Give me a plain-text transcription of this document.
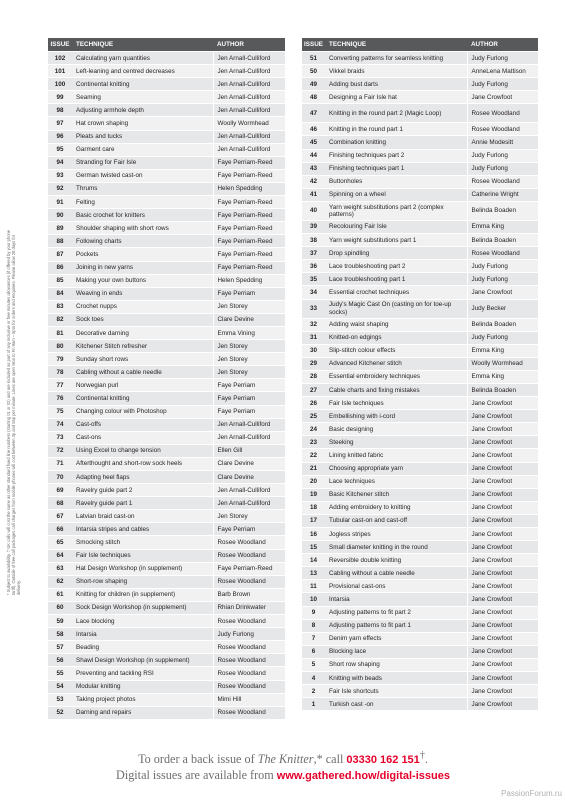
ISSUE	TECHNIQUE	AUTHOR
102	Calculating yarn quantities	Jen Arnall-Culliford
101	Left-leaning and centred decreases	Jen Arnall-Culliford
100	Continental knitting	Jen Arnall-Culliford
99	Seaming	Jen Arnall-Culliford
98	Adjusting armhole depth	Jen Arnall-Culliford
97	Hat crown shaping	Woolly Wormhead
96	Pleats and tucks	Jen Arnall-Culliford
95	Garment care	Jen Arnall-Culliford
94	Stranding for Fair Isle	Faye Perriam-Reed
93	German twisted cast-on	Faye Perriam-Reed
92	Thrums	Helen Spedding
91	Felting	Faye Perriam-Reed
90	Basic crochet for knitters	Faye Perriam-Reed
89	Shoulder shaping with short rows	Faye Perriam-Reed
88	Following charts	Faye Perriam-Reed
87	Pockets	Faye Perriam-Reed
86	Joining in new yarns	Faye Perriam-Reed
85	Making your own buttons	Helen Spedding
84	Weaving in ends	Faye Perriam
83	Crochet nupps	Jen Storey
82	Sock toes	Clare Devine
81	Decorative darning	Emma Vining
80	Kitchener Stitch refresher	Jen Storey
79	Sunday short rows	Jen Storey
78	Cabling without a cable needle	Jen Storey
77	Norwegian purl	Faye Perriam
76	Continental knitting	Faye Perriam
75	Changing colour with Photoshop	Faye Perriam
74	Cast-offs	Jen Arnall-Culliford
73	Cast-ons	Jen Arnall-Culliford
72	Using Excel to change tension	Ellen Gill
71	Afterthought and short-row sock heels	Clare Devine
70	Adapting heel flaps	Clare Devine
69	Ravelry guide part 2	Jen Arnall-Culliford
68	Ravelry guide part 1	Jen Arnall-Culliford
67	Latvian braid cast-on	Jen Storey
66	Intarsia stripes and cables	Faye Perriam
65	Smocking stitch	Rosee Woodland
64	Fair Isle techniques	Rosee Woodland
63	Hat Design Workshop (in supplement)	Faye Perriam-Reed
62	Short-row shaping	Rosee Woodland
61	Knitting for children (in supplement)	Barb Brown
60	Sock Design Workshop (in supplement)	Rhian Drinkwater
59	Lace blocking	Rosee Woodland
58	Intarsia	Judy Furlong
57	Beading	Rosee Woodland
56	Shawl Design Workshop (in supplement)	Rosee Woodland
55	Preventing and tackling RSI	Rosee Woodland
54	Modular knitting	Rosee Woodland
53	Taking project photos	Mimi Hill
52	Darning and repairs	Rosee Woodland
ISSUE	TECHNIQUE	AUTHOR
51	Converting patterns for seamless knitting	Judy Furlong
50	Vikkel braids	AnneLena Mattison
49	Adding bust darts	Judy Furlong
48	Designing a Fair Isle hat	Jane Crowfoot
47	Knitting in the round part 2 (Magic Loop)	Rosee Woodland
46	Knitting in the round part 1	Rosee Woodland
45	Combination knitting	Annie Modesitt
44	Finishing techniques part 2	Judy Furlong
43	Finishing techniques part 1	Judy Furlong
42	Buttonholes	Rosee Woodland
41	Spinning on a wheel	Catherine Wright
40	Yarn weight substitutions part 2 (complex patterns)	Belinda Boaden
39	Recolouring Fair Isle	Emma King
38	Yarn weight substitutions part 1	Belinda Boaden
37	Drop spindling	Rosee Woodland
36	Lace troubleshooting part 2	Judy Furlong
35	Lace troubleshooting part 1	Judy Furlong
34	Essential crochet techniques	Jane Crowfoot
33	Judy's Magic Cast On (casting on for toe-up socks)	Judy Becker
32	Adding waist shaping	Belinda Boaden
31	Knitted-on edgings	Judy Furlong
30	Slip-stitch colour effects	Emma King
29	Advanced Kitchener stitch	Woolly Wormhead
28	Essential embroidery techniques	Emma King
27	Cable charts and fixing mistakes	Belinda Boaden
26	Fair Isle techniques	Jane Crowfoot
25	Embellishing with i-cord	Jane Crowfoot
24	Basic designing	Jane Crowfoot
23	Steeking	Jane Crowfoot
22	Lining knitted fabric	Jane Crowfoot
21	Choosing appropriate yarn	Jane Crowfoot
20	Lace techniques	Jane Crowfoot
19	Basic Kitchener stitch	Jane Crowfoot
18	Adding embroidery to knitting	Jane Crowfoot
17	Tubular cast-on and cast-off	Jane Crowfoot
16	Jogless stripes	Jane Crowfoot
15	Small diameter knitting in the round	Jane Crowfoot
14	Reversible double knitting	Jane Crowfoot
13	Cabling without a cable needle	Jane Crowfoot
11	Provisional cast-ons	Jane Crowfoot
10	Intarsia	Jane Crowfoot
9	Adjusting patterns to fit part 2	Jane Crowfoot
8	Adjusting patterns to fit part 1	Jane Crowfoot
7	Denim yarn effects	Jane Crowfoot
6	Blocking lace	Jane Crowfoot
5	Short row shaping	Jane Crowfoot
4	Knitting with beads	Jane Crowfoot
2	Fair Isle shortcuts	Jane Crowfoot
1	Turkish cast -on	Jane Crowfoot
* Subject to availability. † UK calls will cost the same as other standard fixed line numbers (starting 01 or 02) and are included as part of any inclusive or free minutes allowances (if offered by your phone tariff). Outside of free call packages call charges from mobile phones will cost between 3p and 55p per minute. Lines are open Mon to Fri 9am – 5pm for orders and enquiries. Please allow 28 days for delivery.
To order a back issue of The Knitter,* call 03330 162 151†.
Digital issues are available from www.gathered.how/digital-issues
PassionForum.ru
